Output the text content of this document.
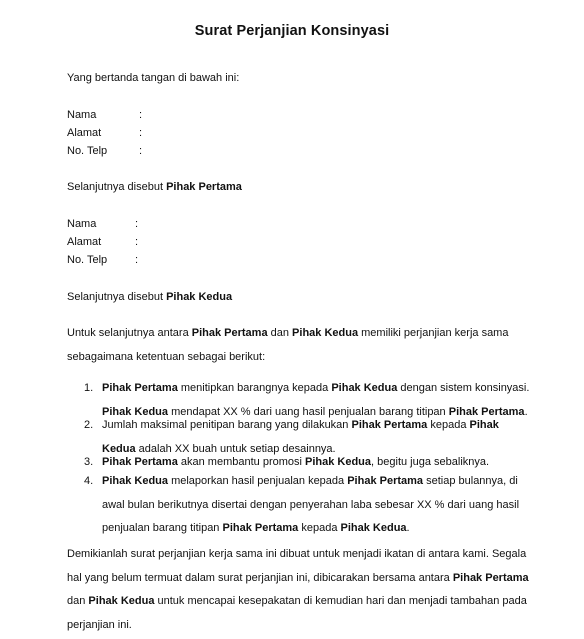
Surat Perjanjian Konsinyasi
Yang bertanda tangan di bawah ini:
Nama	:
Alamat	:
No. Telp	:
Selanjutnya disebut Pihak Pertama
Nama	:
Alamat	:
No. Telp	:
Selanjutnya disebut Pihak Kedua

Untuk selanjutnya antara Pihak Pertama dan Pihak Kedua memiliki perjanjian kerja sama

sebagaimana ketentuan sebagai berikut:

1. Pihak Pertama menitipkan barangnya kepada Pihak Kedua dengan sistem konsinyasi.

Pihak Kedua mendapat XX % dari uang hasil penjualan barang titipan Pihak Pertama.

2. Jumlah maksimal penitipan barang yang dilakukan Pihak Pertama kepada Pihak

Kedua adalah XX buah untuk setiap desainnya.

3. Pihak Pertama akan membantu promosi Pihak Kedua, begitu juga sebaliknya.

4. Pihak Kedua melaporkan hasil penjualan kepada Pihak Pertama setiap bulannya, di

awal bulan berikutnya disertai dengan penyerahan laba sebesar XX % dari uang hasil

penjualan barang titipan Pihak Pertama kepada Pihak Kedua.

Demikianlah surat perjanjian kerja sama ini dibuat untuk menjadi ikatan di antara kami. Segala

hal yang belum termuat dalam surat perjanjian ini, dibicarakan bersama antara Pihak Pertama

dan Pihak Kedua untuk mencapai kesepakatan di kemudian hari dan menjadi tambahan pada

perjanjian ini.
